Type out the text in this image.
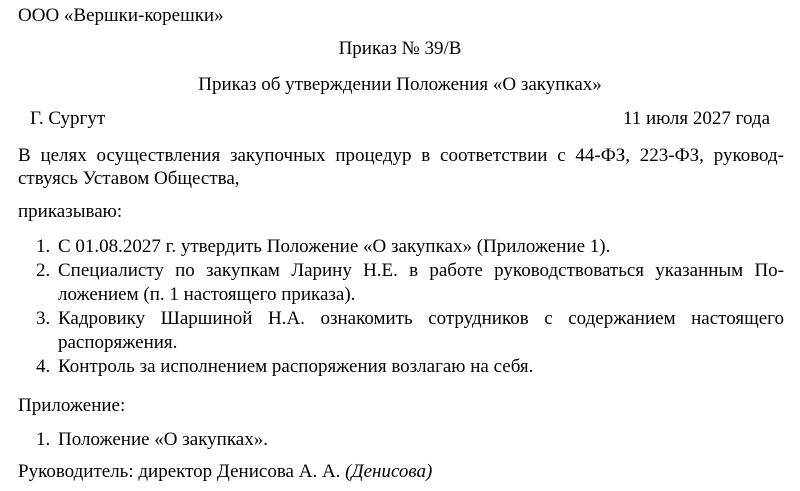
ООО «Вершки-корешки»
Приказ № 39/В
Приказ об утверждении Положения «О закупках»
Г. Сургут	11 июля 2027 года
В целях осуществления закупочных процедур в соответствии с 44-ФЗ, 223-ФЗ, руковод-
ствуясь Уставом Общества,
приказываю:
1. С 01.08.2027 г. утвердить Положение «О закупках» (Приложение 1).
2. Специалисту по закупкам Ларину Н.Е. в работе руководствоваться указанным По-
ложением (п. 1 настоящего приказа).
3. Кадровику Шаршиной Н.А. ознакомить сотрудников с содержанием настоящего
распоряжения.
4. Контроль за исполнением распоряжения возлагаю на себя.
Приложение:
1. Положение «О закупках».
Руководитель: директор Денисова А. А. (Денисова)
